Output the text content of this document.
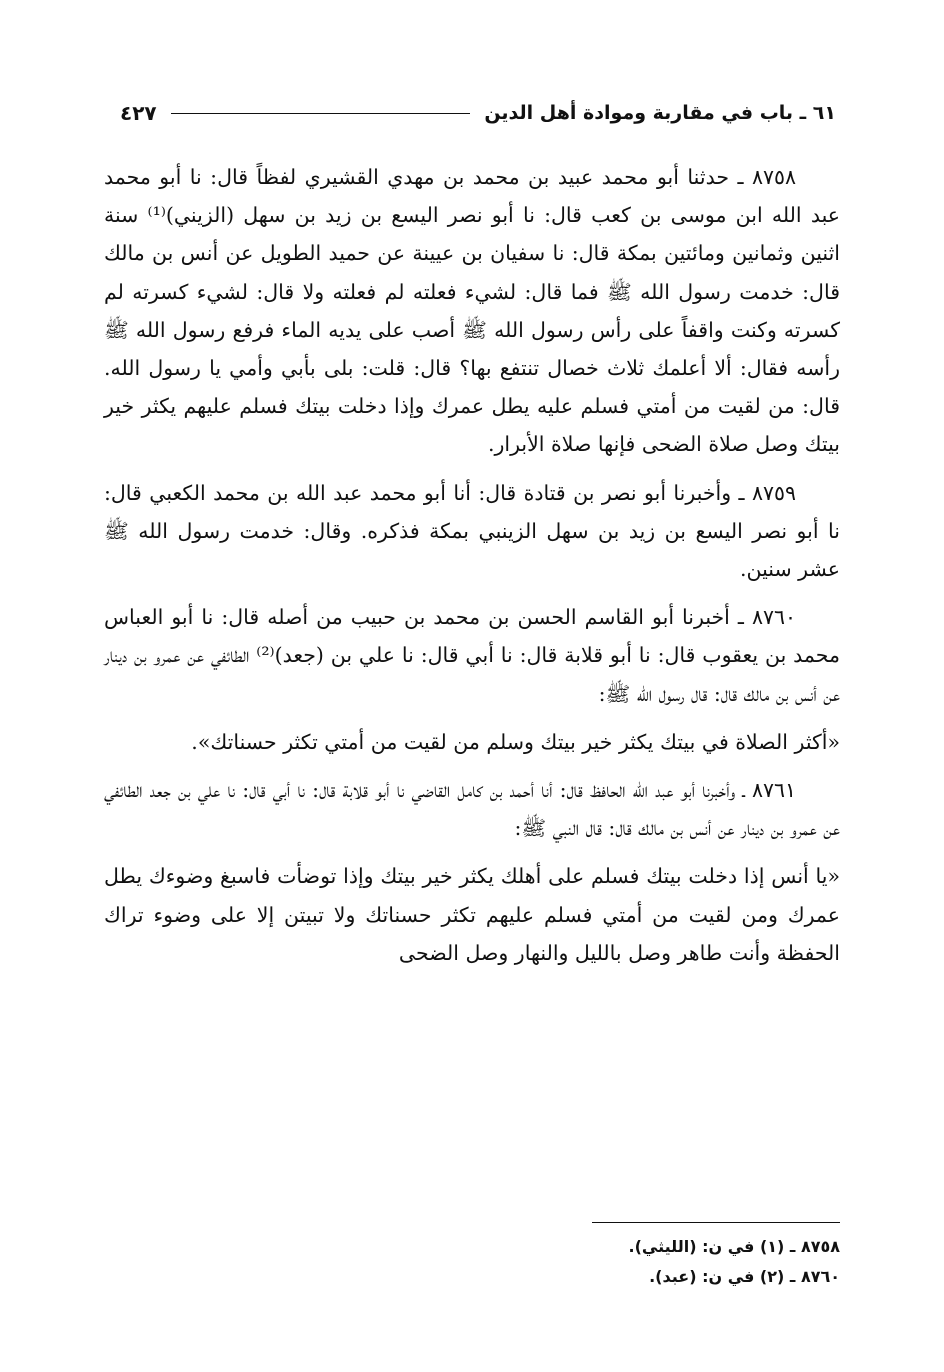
٦١ ـ باب في مقاربة وموادة أهل الدين
٤٢٧

٨٧٥٨ ـ حدثنا أبو محمد عبيد بن محمد بن مهدي القشيري لفظاً قال: نا أبو محمد عبد الله ابن موسى بن كعب قال: نا أبو نصر اليسع بن زيد بن سهل (الزيني)⁽¹⁾ سنة اثنين وثمانين ومائتين بمكة قال: نا سفيان بن عيينة عن حميد الطويل عن أنس بن مالك قال: خدمت رسول الله ﷺ فما قال: لشيء فعلته لم فعلته ولا قال: لشيء كسرته لم كسرته وكنت واقفاً على رأس رسول الله ﷺ أصب على يديه الماء فرفع رسول الله ﷺ رأسه فقال: ألا أعلمك ثلاث خصال تنتفع بها؟ قال: قلت: بلى بأبي وأمي يا رسول الله. قال: من لقيت من أمتي فسلم عليه يطل عمرك وإذا دخلت بيتك فسلم عليهم يكثر خير بيتك وصل صلاة الضحى فإنها صلاة الأبرار.

٨٧٥٩ ـ وأخبرنا أبو نصر بن قتادة قال: أنا أبو محمد عبد الله بن محمد الكعبي قال: نا أبو نصر اليسع بن زيد بن سهل الزينبي بمكة فذكره. وقال: خدمت رسول الله ﷺ عشر سنين.

٨٧٦٠ ـ أخبرنا أبو القاسم الحسن بن محمد بن حبيب من أصله قال: نا أبو العباس محمد بن يعقوب قال: نا أبو قلابة قال: نا أبي قال: نا علي بن (جعد)⁽²⁾ الطائفي عن عمرو بن دينار عن أنس بن مالك قال: قال رسول الله ﷺ:

«أكثر الصلاة في بيتك يكثر خير بيتك وسلم من لقيت من أمتي تكثر حسناتك».

٨٧٦١ ـ وأخبرنا أبو عبد الله الحافظ قال: أنا أحمد بن كامل القاضي نا أبو قلابة قال: نا أبي قال: نا علي بن جعد الطائفي عن عمرو بن دينار عن أنس بن مالك قال: قال النبي ﷺ:

«يا أنس إذا دخلت بيتك فسلم على أهلك يكثر خير بيتك وإذا توضأت فاسبغ وضوءك يطل عمرك ومن لقيت من أمتي فسلم عليهم تكثر حسناتك ولا تبيتن إلا على وضوء تراك الحفظة وأنت طاهر وصل بالليل والنهار وصل الضحى

٨٧٥٨ ـ (١) في ن: (الليثي).

٨٧٦٠ ـ (٢) في ن: (عبد).
